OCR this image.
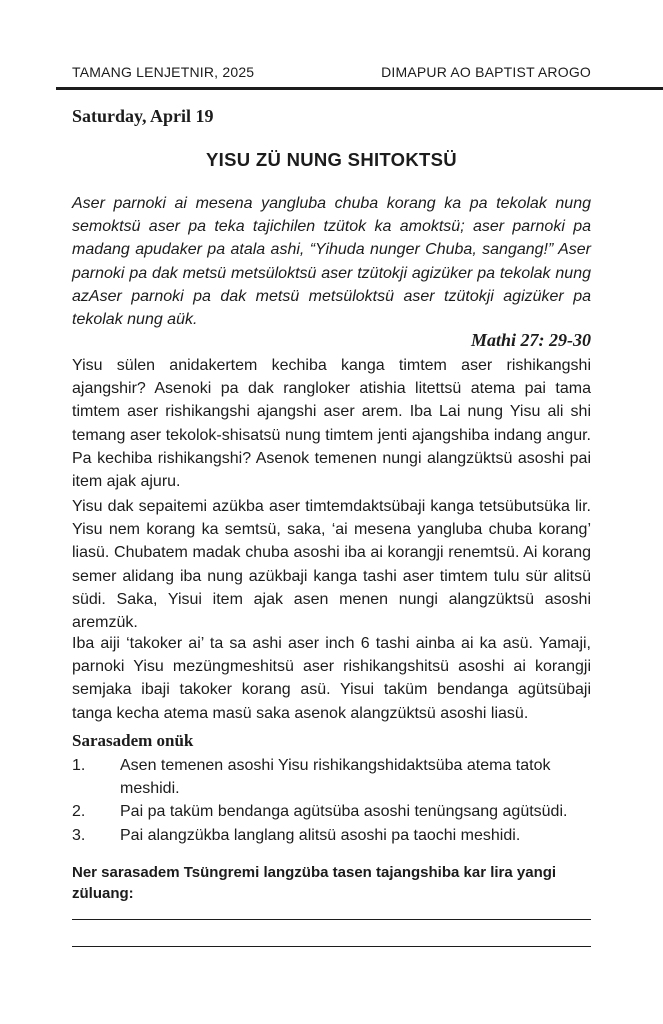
TAMANG LENJETNIR, 2025	DIMAPUR AO BAPTIST AROGO
Saturday, April 19
YISU ZÜ NUNG SHITOKTSÜ

Aser parnoki ai mesena yangluba chuba korang ka pa tekolak nung semoktsü aser pa teka tajichilen tzütok ka amoktsü; aser parnoki pa madang apudaker pa atala ashi, “Yihuda nunger Chuba, sangang!” Aser parnoki pa dak metsü metsüloktsü aser tzütokji agizüker pa tekolak nung azAser parnoki pa dak metsü metsüloktsü aser tzütokji agizüker pa tekolak nung aük.

Mathi 27: 29-30

Yisu sülen anidakertem kechiba kanga timtem aser rishikangshi ajangshir? Asenoki pa dak rangloker atishia litettsü atema pai tama timtem aser rishikangshi ajangshi aser arem. Iba Lai nung Yisu ali shi temang aser tekolok-shisatsü nung timtem jenti ajangshiba indang angur. Pa kechiba rishikangshi? Asenok temenen nungi alangzüktsü asoshi pai item ajak ajuru.

Yisu dak sepaitemi azükba aser timtemdaktsübaji kanga tetsübutsüka lir. Yisu nem korang ka semtsü, saka, ‘ai mesena yangluba chuba korang’ liasü. Chubatem madak chuba asoshi iba ai korangji renemtsü. Ai korang semer alidang iba nung azükbaji kanga tashi aser timtem tulu sür alitsü südi. Saka, Yisui item ajak asen menen nungi alangzüktsü asoshi aremzük.

Iba aiji ‘takoker ai’ ta sa ashi aser inch 6 tashi ainba ai ka asü. Yamaji, parnoki Yisu mezüngmeshitsü aser rishikangshitsü asoshi ai korangji semjaka ibaji takoker korang asü. Yisui taküm bendanga agütsübaji tanga kecha atema masü saka asenok alangzüktsü asoshi liasü.

Sarasadem onük
1.	Asen temenen asoshi Yisu rishikangshidaktsüba atema tatok meshidi.
2.	Pai pa taküm bendanga agütsüba asoshi tenüngsang agütsüdi.
3.	Pai alangzükba langlang alitsü asoshi pa taochi meshidi.
Ner sarasadem Tsüngremi langzüba tasen tajangshiba kar lira yangi züluang:
